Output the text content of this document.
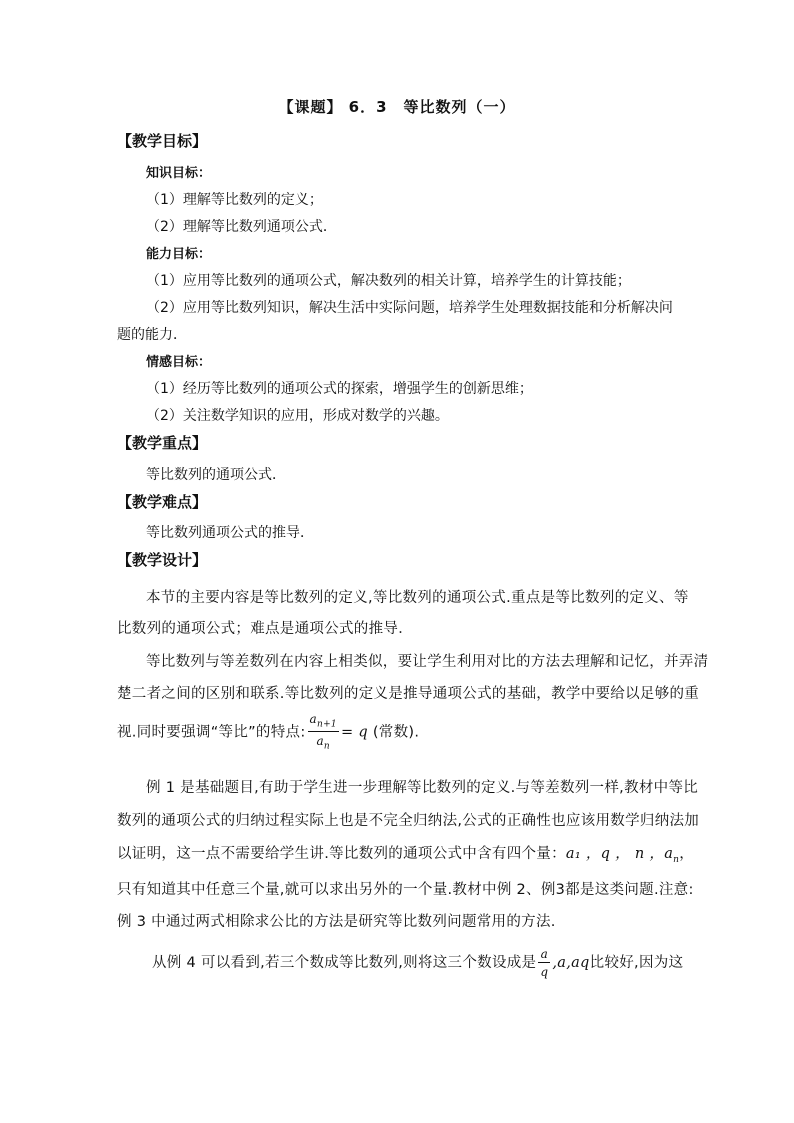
【课题】 6．3　等比数列（一）
【教学目标】
知识目标：
（1）理解等比数列的定义；
（2）理解等比数列通项公式．
能力目标：
（1）应用等比数列的通项公式，解决数列的相关计算，培养学生的计算技能；
（2）应用等比数列知识，解决生活中实际问题，培养学生处理数据技能和分析解决问
题的能力．
情感目标：
（1）经历等比数列的通项公式的探索，增强学生的创新思维；
（2）关注数学知识的应用，形成对数学的兴趣。
【教学重点】
等比数列的通项公式．
【教学难点】
等比数列通项公式的推导．
【教学设计】
本节的主要内容是等比数列的定义,等比数列的通项公式.重点是等比数列的定义、等
比数列的通项公式；难点是通项公式的推导．
等比数列与等差数列在内容上相类似，要让学生利用对比的方法去理解和记忆，并弄清
楚二者之间的区别和联系.等比数列的定义是推导通项公式的基础，教学中要给以足够的重
视.同时要强调“等比”的特点: $\frac{a_{n+1}}{a_n} = q$ (常数).
例 1 是基础题目,有助于学生进一步理解等比数列的定义.与等差数列一样,教材中等比
数列的通项公式的归纳过程实际上也是不完全归纳法,公式的正确性也应该用数学归纳法加
以证明，这一点不需要给学生讲.等比数列的通项公式中含有四个量：a₁ ，q ， n ，$a_n$，
只有知道其中任意三个量,就可以求出另外的一个量.教材中例 2、例3都是这类问题.注意:
例 3 中通过两式相除求公比的方法是研究等比数列问题常用的方法.
从例 4 可以看到,若三个数成等比数列,则将这三个数设成是 $\frac{a}{q} ,a,aq$比较好,因为这
